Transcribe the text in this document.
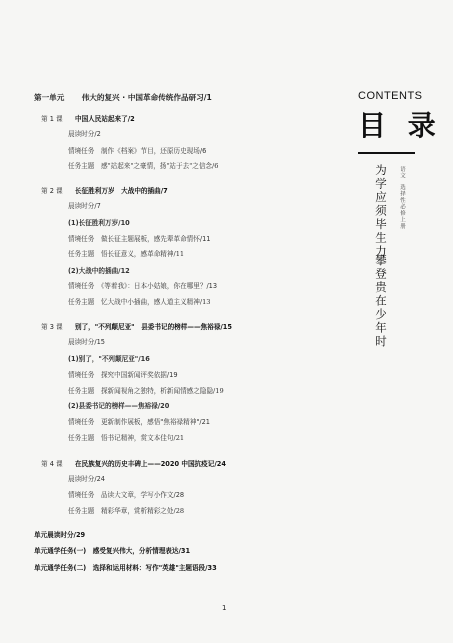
CONTENTS
目 录
为学应须毕生力
攀登贵在少年时
语文
选择性必修上册
第一单元 伟大的复兴 · 中国革命传统作品研习/1
第 1 课 中国人民站起来了/2
晨读时分/2
情境任务　制作《档案》节目，还原历史现场/6
任务主题　感"站起来"之豪情，扬"站于去"之信念/6
第 2 课 长征胜利万岁　大战中的插曲/7
晨读时分/7
(1)长征胜利万岁/10
情境任务　做长征主题展板，感先辈革命情怀/11
任务主题　悟长征意义，感革命精神/11
(2)大战中的插曲/12
情境任务　《等着我》：日本小姑娘，你在哪里？/13
任务主题　忆大战中小插曲，感人道主义精神/13
第 3 课 别了，"不列颠尼亚"　县委书记的榜样——焦裕禄/15
晨读时分/15
(1)别了，"不列颠尼亚"/16
情境任务　探究中国新闻评奖依据/19
任务主题　探新闻视角之独特，析新闻情感之隐隐/19
(2)县委书记的榜样——焦裕禄/20
情境任务　更新制作展板，感悟"焦裕禄精神"/21
任务主题　悟书记精神，赏文本佳句/21
第 4 课 在民族复兴的历史丰碑上——2020 中国抗疫记/24
晨读时分/24
情境任务　品读大文章，学写小作文/28
任务主题　精彩华章，赏析精彩之处/28
单元晨读时分/29
单元通学任务(一)　感受复兴伟大，分析情理表达/31
单元通学任务(二)　选择和运用材料：写作"英雄"主题语段/33
1
